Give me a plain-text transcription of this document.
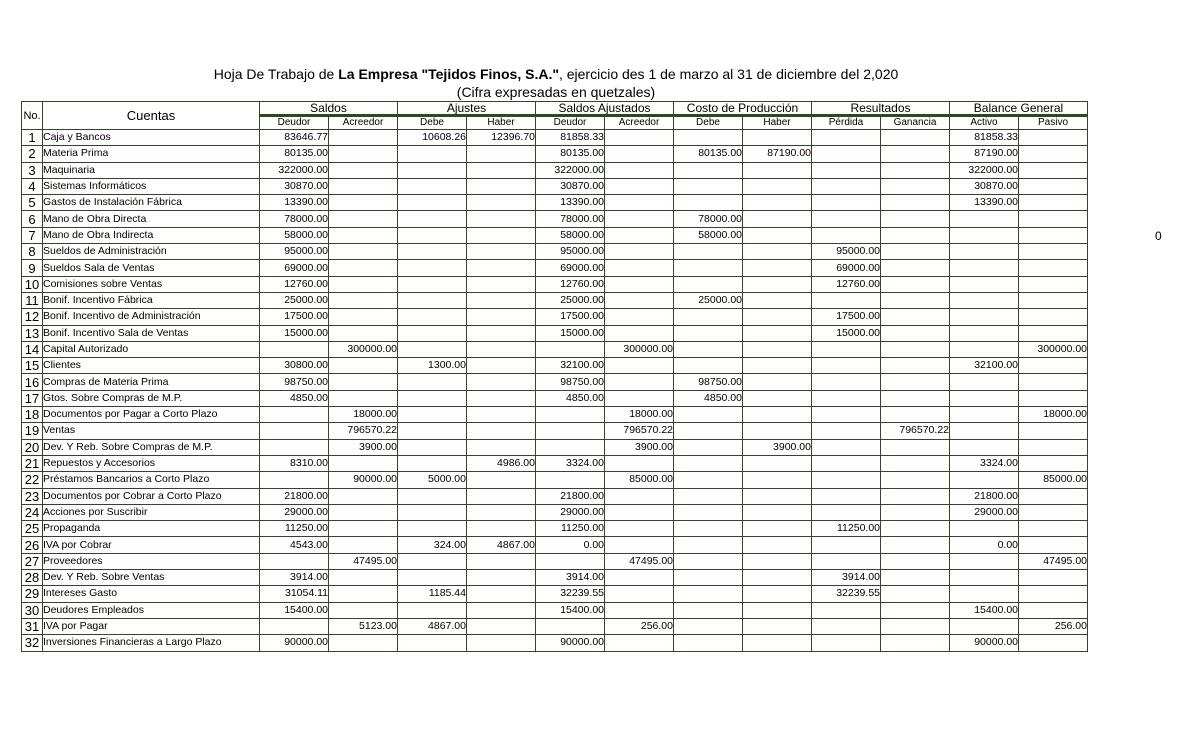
Hoja De Trabajo de La Empresa "Tejidos Finos, S.A.", ejercicio des 1 de marzo al 31 de diciembre del 2,020
(Cifra expresadas en quetzales)
0
No.	Cuentas	Saldos		Ajustes		Saldos Ajustados		Costo de Producción		Resultados		Balance General	
		Deudor	Acreedor	Debe	Haber	Deudor	Acreedor	Debe	Haber	Pérdida	Ganancia	Activo	Pasivo
1	Caja y Bancos	83646.77		10608.26	12396.70	81858.33						81858.33	
2	Materia Prima	80135.00				80135.00		80135.00	87190.00			87190.00	
3	Maquinaria	322000.00				322000.00						322000.00	
4	Sistemas Informáticos	30870.00				30870.00						30870.00	
5	Gastos de Instalación Fábrica	13390.00				13390.00						13390.00	
6	Mano de Obra Directa	78000.00				78000.00		78000.00					
7	Mano de Obra Indirecta	58000.00				58000.00		58000.00					
8	Sueldos de Administración	95000.00				95000.00				95000.00			
9	Sueldos Sala de Ventas	69000.00				69000.00				69000.00			
10	Comisiones sobre Ventas	12760.00				12760.00				12760.00			
11	Bonif. Incentivo Fábrica	25000.00				25000.00		25000.00					
12	Bonif. Incentivo de Administración	17500.00				17500.00				17500.00			
13	Bonif. Incentivo Sala de Ventas	15000.00				15000.00				15000.00			
14	Capital Autorizado		300000.00				300000.00						300000.00
15	Clientes	30800.00		1300.00		32100.00						32100.00	
16	Compras de Materia Prima	98750.00				98750.00		98750.00					
17	Gtos. Sobre Compras de M.P.	4850.00				4850.00		4850.00					
18	Documentos por Pagar a Corto Plazo		18000.00				18000.00						18000.00
19	Ventas		796570.22				796570.22				796570.22		
20	Dev. Y Reb. Sobre Compras de M.P.		3900.00				3900.00		3900.00				
21	Repuestos y Accesorios	8310.00			4986.00	3324.00						3324.00	
22	Préstamos Bancarios a Corto Plazo		90000.00	5000.00			85000.00						85000.00
23	Documentos por Cobrar a Corto Plazo	21800.00				21800.00						21800.00	
24	Acciones por Suscribir	29000.00				29000.00						29000.00	
25	Propaganda	11250.00				11250.00				11250.00			
26	IVA por Cobrar	4543.00		324.00	4867.00	0.00						0.00	
27	Proveedores		47495.00				47495.00						47495.00
28	Dev. Y Reb. Sobre Ventas	3914.00				3914.00				3914.00			
29	Intereses Gasto	31054.11		1185.44		32239.55				32239.55			
30	Deudores Empleados	15400.00				15400.00						15400.00	
31	IVA por Pagar		5123.00	4867.00			256.00						256.00
32	Inversiones Financieras a Largo Plazo	90000.00				90000.00						90000.00	
